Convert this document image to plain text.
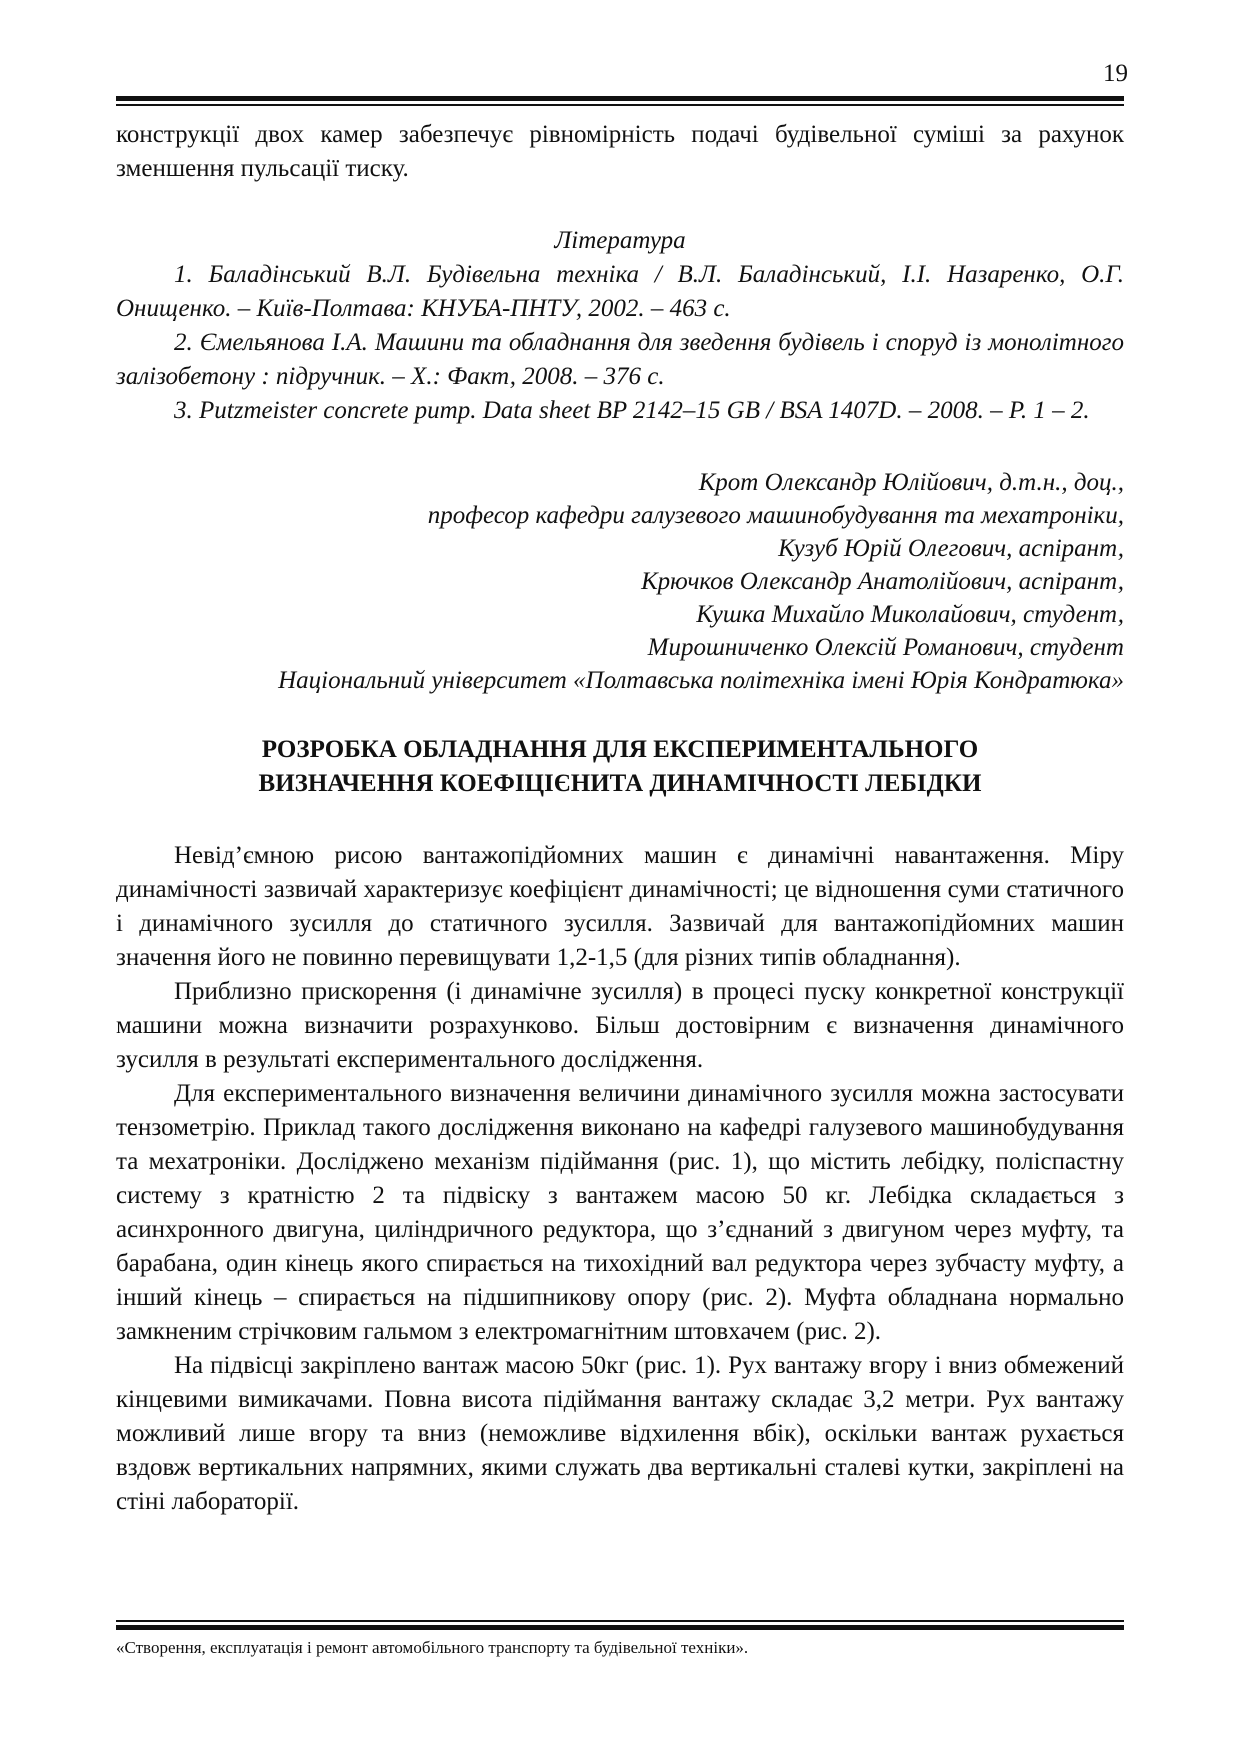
19

конструкції двох камер забезпечує рівномірність подачі будівельної суміші за рахунок зменшення пульсації тиску.

Література

1. Баладінський В.Л. Будівельна техніка / В.Л. Баладінський, І.І. Назаренко, О.Г. Онищенко. – Київ-Полтава: КНУБА-ПНТУ, 2002. – 463 с.

2. Ємельянова І.А. Машини та обладнання для зведення будівель і споруд із монолітного залізобетону : підручник. – Х.: Факт, 2008. – 376 с.

3. Putzmeister concrete pump. Data sheet BP 2142–15 GB / BSA 1407D. – 2008. – P. 1 – 2.

Крот Олександр Юлійович, д.т.н., доц.,
професор кафедри галузевого машинобудування та мехатроніки,
Кузуб Юрій Олегович, аспірант,
Крючков Олександр Анатолійович, аспірант,
Кушка Михайло Миколайович, студент,
Мирошниченко Олексій Романович, студент
Національний університет «Полтавська політехніка імені Юрія Кондратюка»
РОЗРОБКА ОБЛАДНАННЯ ДЛЯ ЕКСПЕРИМЕНТАЛЬНОГО
ВИЗНАЧЕННЯ КОЕФІЦІЄНИТА ДИНАМІЧНОСТІ ЛЕБІДКИ

Невід’ємною рисою вантажопідйомних машин є динамічні навантаження. Міру динамічності зазвичай характеризує коефіцієнт динамічності; це відношення суми статичного і динамічного зусилля до статичного зусилля. Зазвичай для вантажопідйомних машин значення його не повинно перевищувати 1,2-1,5 (для різних типів обладнання).

Приблизно прискорення (і динамічне зусилля) в процесі пуску конкретної конструкції машини можна визначити розрахунково. Більш достовірним є визначення динамічного зусилля в результаті експериментального дослідження.

Для експериментального визначення величини динамічного зусилля можна застосувати тензометрію. Приклад такого дослідження виконано на кафедрі галузевого машинобудування та мехатроніки. Досліджено механізм підіймання (рис. 1), що містить лебідку, поліспастну систему з кратністю 2 та підвіску з вантажем масою 50 кг. Лебідка складається з асинхронного двигуна, циліндричного редуктора, що з’єднаний з двигуном через муфту, та барабана, один кінець якого спирається на тихохідний вал редуктора через зубчасту муфту, а інший кінець – спирається на підшипникову опору (рис. 2). Муфта обладнана нормально замкненим стрічковим гальмом з електромагнітним штовхачем (рис. 2).

На підвісці закріплено вантаж масою 50кг (рис. 1). Рух вантажу вгору і вниз обмежений кінцевими вимикачами. Повна висота підіймання вантажу складає 3,2 метри. Рух вантажу можливий лише вгору та вниз (неможливе відхилення вбік), оскільки вантаж рухається вздовж вертикальних напрямних, якими служать два вертикальні сталеві кутки, закріплені на стіні лабораторії.

«Створення, експлуатація і ремонт автомобільного транспорту та будівельної техніки».
